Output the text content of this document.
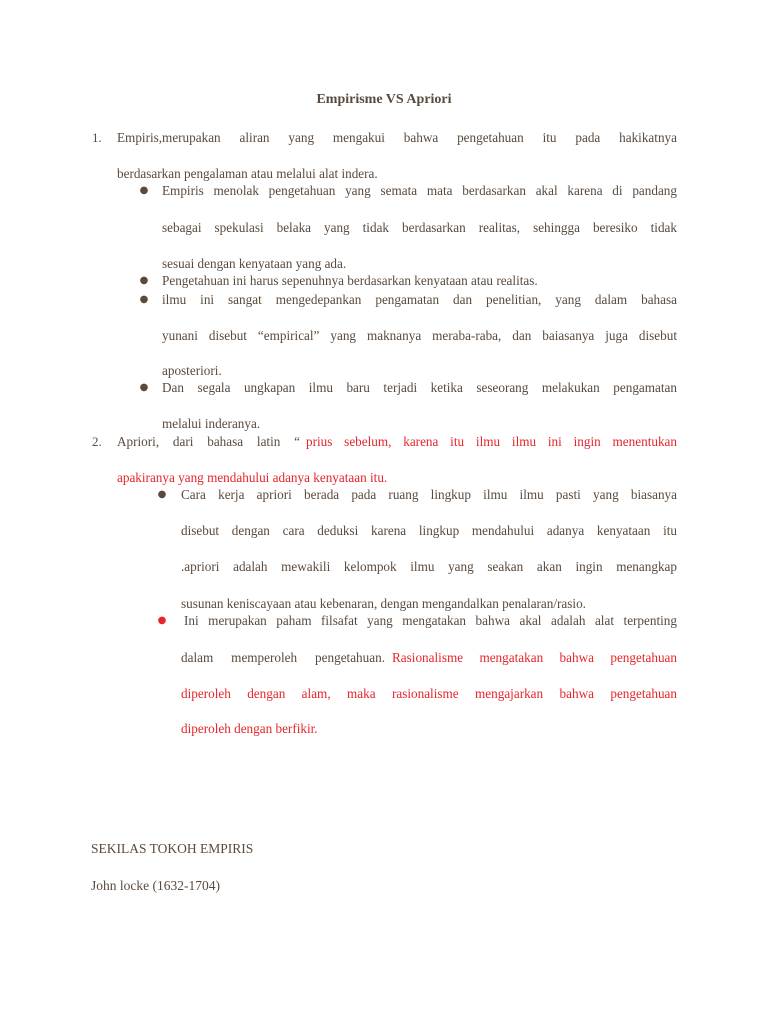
Empirisme VS Apriori
1.	Empiris,merupakan aliran yang mengakui bahwa pengetahuan itu pada hakikatnya
berdasarkan pengalaman atau melalui alat indera.
● Empiris menolak pengetahuan yang semata mata berdasarkan akal karena di pandang
sebagai spekulasi belaka yang tidak berdasarkan realitas, sehingga beresiko tidak
sesuai dengan kenyataan yang ada.
● Pengetahuan ini harus sepenuhnya berdasarkan kenyataan atau realitas.
● ilmu ini sangat mengedepankan pengamatan dan penelitian, yang dalam bahasa
yunani disebut “empirical” yang maknanya meraba-raba, dan baiasanya juga disebut
aposteriori.
● Dan segala ungkapan ilmu baru terjadi ketika seseorang melakukan pengamatan
melalui inderanya.
2.	Apriori, dari bahasa latin “ prius sebelum, karena itu ilmu ilmu ini ingin menentukan
apakiranya yang mendahului adanya kenyataan itu.
● Cara kerja apriori berada pada ruang lingkup ilmu ilmu pasti yang biasanya
disebut dengan cara deduksi karena lingkup mendahului adanya kenyataan itu
.apriori adalah mewakili kelompok ilmu yang seakan akan ingin menangkap
susunan keniscayaan atau kebenaran, dengan mengandalkan penalaran/rasio.
● Ini merupakan paham filsafat yang mengatakan bahwa akal adalah alat terpenting
dalam memperoleh pengetahuan. Rasionalisme mengatakan bahwa pengetahuan
diperoleh dengan alam, maka rasionalisme mengajarkan bahwa pengetahuan
diperoleh dengan berfikir.
SEKILAS TOKOH EMPIRIS
John locke (1632-1704)
